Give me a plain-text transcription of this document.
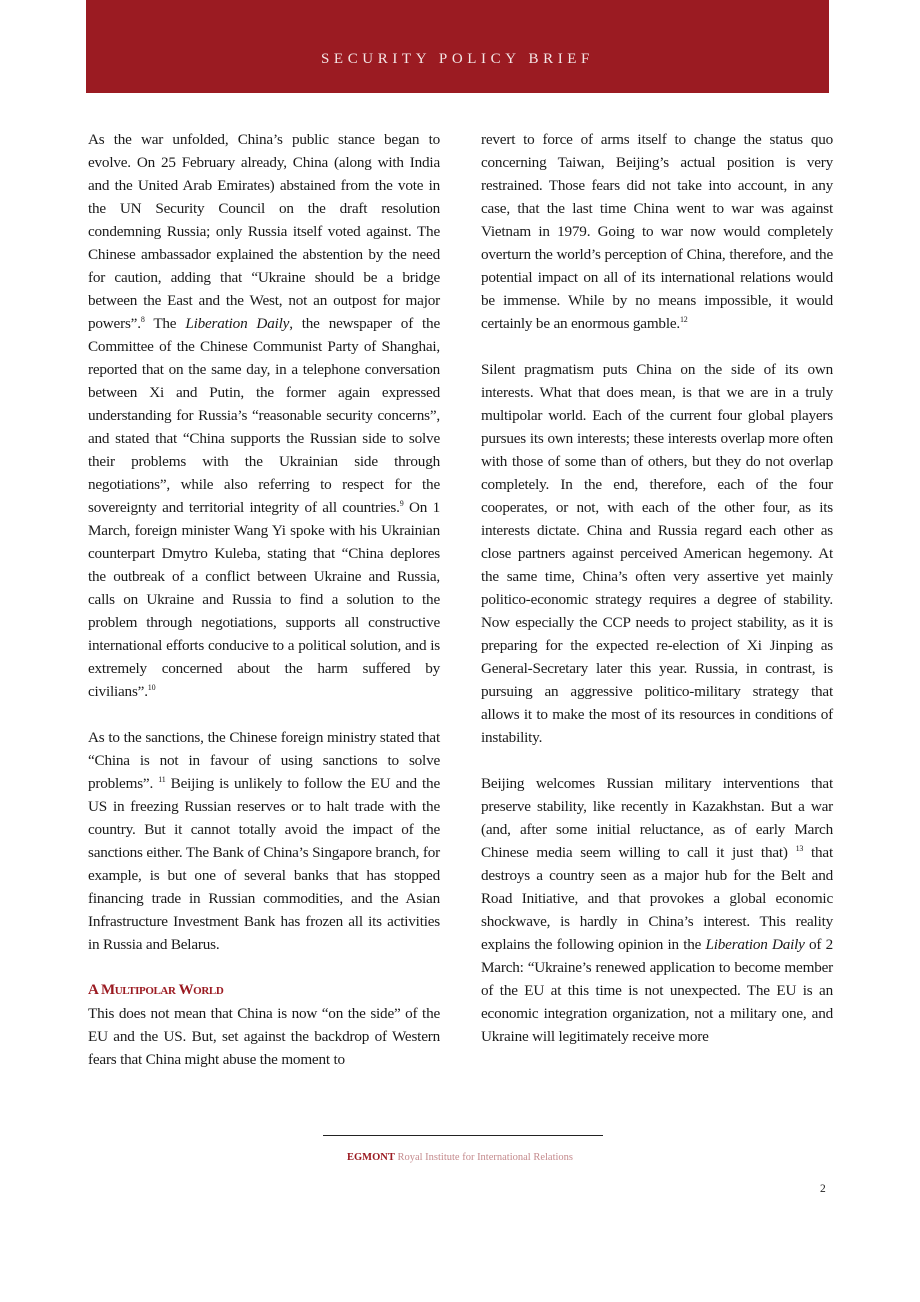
SECURITY POLICY BRIEF

As the war unfolded, China’s public stance began to evolve. On 25 February already, China (along with India and the United Arab Emirates) abstained from the vote in the UN Security Council on the draft resolution condemning Russia; only Russia itself voted against. The Chinese ambassador explained the abstention by the need for caution, adding that “Ukraine should be a bridge between the East and the West, not an outpost for major powers”.$^8$ The Liberation Daily, the newspaper of the Committee of the Chinese Communist Party of Shanghai, reported that on the same day, in a telephone conversation between Xi and Putin, the former again expressed understanding for Russia’s “reasonable security concerns”, and stated that “China supports the Russian side to solve their problems with the Ukrainian side through negotiations”, while also referring to respect for the sovereignty and territorial integrity of all countries.$^9$ On 1 March, foreign minister Wang Yi spoke with his Ukrainian counterpart Dmytro Kuleba, stating that “China deplores the outbreak of a conflict between Ukraine and Russia, calls on Ukraine and Russia to find a solution to the problem through negotiations, supports all constructive international efforts conducive to a political solution, and is extremely concerned about the harm suffered by civilians”.$^{10}$

As to the sanctions, the Chinese foreign ministry stated that “China is not in favour of using sanctions to solve problems”. $^{11}$ Beijing is unlikely to follow the EU and the US in freezing Russian reserves or to halt trade with the country. But it cannot totally avoid the impact of the sanctions either. The Bank of China’s Singapore branch, for example, is but one of several banks that has stopped financing trade in Russian commodities, and the Asian Infrastructure Investment Bank has frozen all its activities in Russia and Belarus.

A Multipolar World

This does not mean that China is now “on the side” of the EU and the US. But, set against the backdrop of Western fears that China might abuse the moment to

revert to force of arms itself to change the status quo concerning Taiwan, Beijing’s actual position is very restrained. Those fears did not take into account, in any case, that the last time China went to war was against Vietnam in 1979. Going to war now would completely overturn the world’s perception of China, therefore, and the potential impact on all of its international relations would be immense. While by no means impossible, it would certainly be an enormous gamble.$^{12}$

Silent pragmatism puts China on the side of its own interests. What that does mean, is that we are in a truly multipolar world. Each of the current four global players pursues its own interests; these interests overlap more often with those of some than of others, but they do not overlap completely. In the end, therefore, each of the four cooperates, or not, with each of the other four, as its interests dictate. China and Russia regard each other as close partners against perceived American hegemony. At the same time, China’s often very assertive yet mainly politico-economic strategy requires a degree of stability. Now especially the CCP needs to project stability, as it is preparing for the expected re-election of Xi Jinping as General-Secretary later this year. Russia, in contrast, is pursuing an aggressive politico-military strategy that allows it to make the most of its resources in conditions of instability.

Beijing welcomes Russian military interventions that preserve stability, like recently in Kazakhstan. But a war (and, after some initial reluctance, as of early March Chinese media seem willing to call it just that) $^{13}$ that destroys a country seen as a major hub for the Belt and Road Initiative, and that provokes a global economic shockwave, is hardly in China’s interest. This reality explains the following opinion in the Liberation Daily of 2 March: “Ukraine’s renewed application to become member of the EU at this time is not unexpected. The EU is an economic integration organization, not a military one, and Ukraine will legitimately receive more

EGMONT Royal Institute for International Relations
2
